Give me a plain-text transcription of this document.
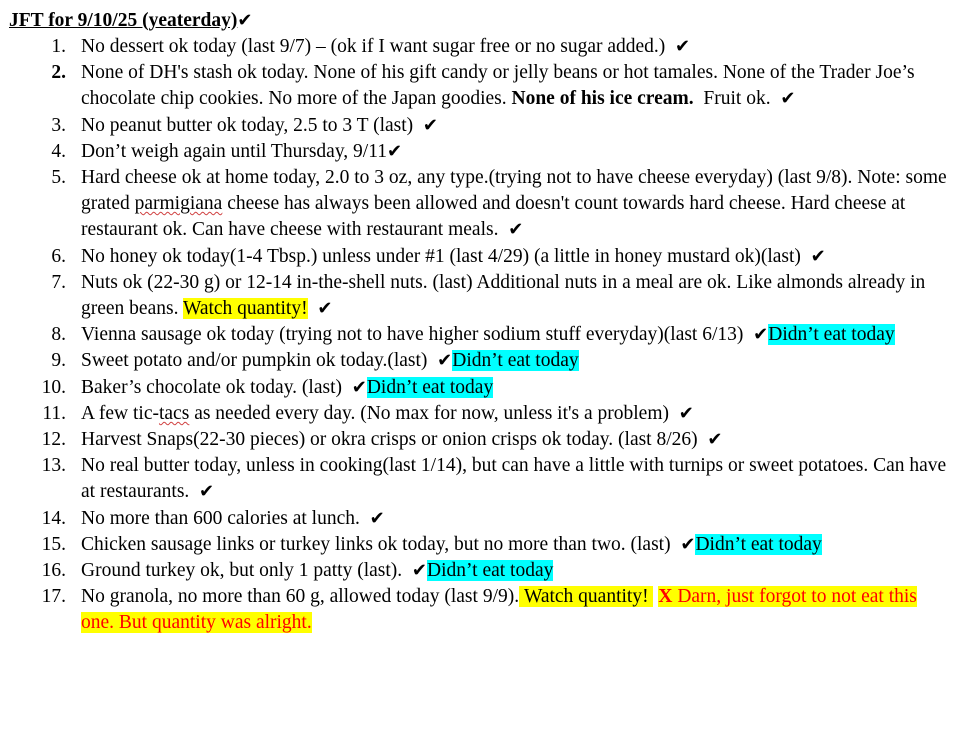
JFT for 9/10/25 (yeaterday)✔
1. No dessert ok today (last 9/7) – (ok if I want sugar free or no sugar added.) ✔
2. None of DH's stash ok today. None of his gift candy or jelly beans or hot tamales. None of the Trader Joe’s chocolate chip cookies. No more of the Japan goodies. None of his ice cream. Fruit ok. ✔
3. No peanut butter ok today, 2.5 to 3 T (last) ✔
4. Don’t weigh again until Thursday, 9/11✔
5. Hard cheese ok at home today, 2.0 to 3 oz, any type.(trying not to have cheese everyday) (last 9/8). Note: some grated parmigiana cheese has always been allowed and doesn't count towards hard cheese. Hard cheese at restaurant ok. Can have cheese with restaurant meals. ✔
6. No honey ok today(1-4 Tbsp.) unless under #1 (last 4/29) (a little in honey mustard ok)(last) ✔
7. Nuts ok (22-30 g) or 12-14 in-the-shell nuts. (last) Additional nuts in a meal are ok. Like almonds already in green beans. Watch quantity! ✔
8. Vienna sausage ok today (trying not to have higher sodium stuff everyday)(last 6/13) ✔Didn’t eat today
9. Sweet potato and/or pumpkin ok today.(last) ✔Didn’t eat today
10. Baker’s chocolate ok today. (last) ✔Didn’t eat today
11. A few tic-tacs as needed every day. (No max for now, unless it's a problem) ✔
12. Harvest Snaps(22-30 pieces) or okra crisps or onion crisps ok today. (last 8/26) ✔
13. No real butter today, unless in cooking(last 1/14), but can have a little with turnips or sweet potatoes. Can have at restaurants. ✔
14. No more than 600 calories at lunch. ✔
15. Chicken sausage links or turkey links ok today, but no more than two. (last) ✔Didn’t eat today
16. Ground turkey ok, but only 1 patty (last). ✔Didn’t eat today
17. No granola, no more than 60 g, allowed today (last 9/9). Watch quantity! X Darn, just forgot to not eat this one. But quantity was alright.
